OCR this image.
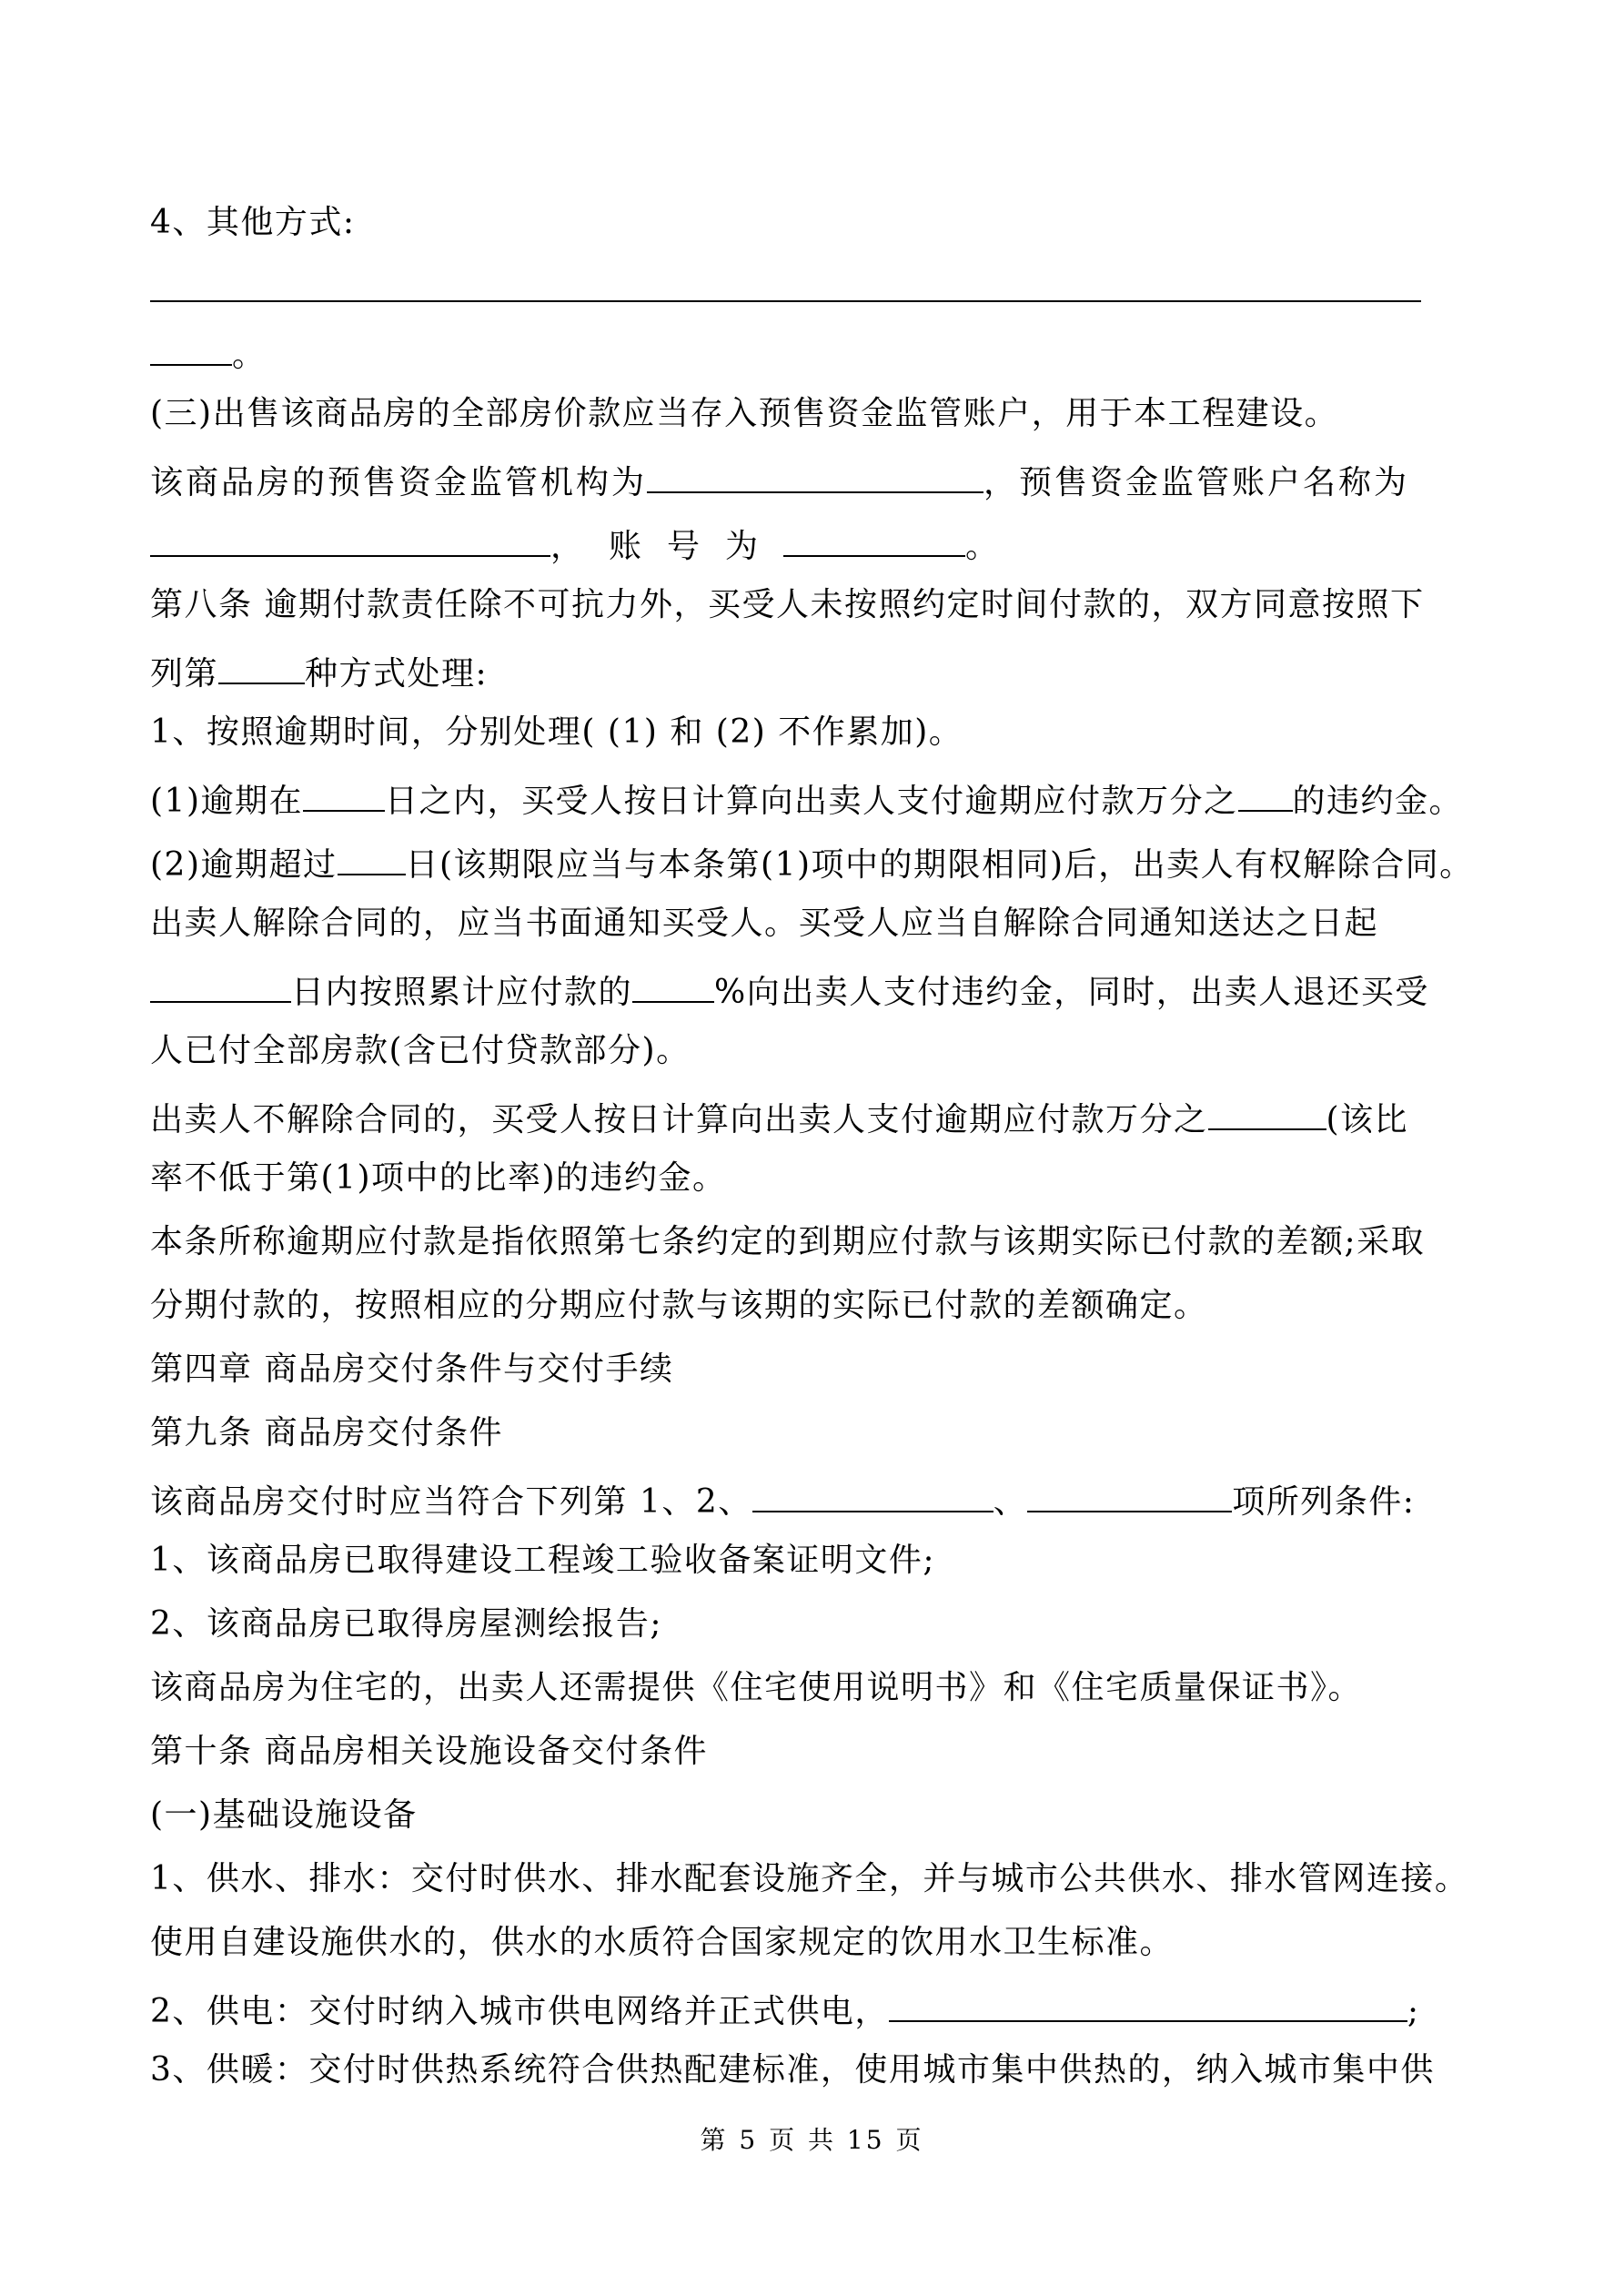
4、其他方式:
。
(三)出售该商品房的全部房价款应当存入预售资金监管账户，用于本工程建设。
该商品房的预售资金监管机构为	，预售资金监管账户名称为
，账号为	。
第八条 逾期付款责任除不可抗力外，买受人未按照约定时间付款的，双方同意按照下
列第	种方式处理:
1、按照逾期时间，分别处理( (1) 和 (2) 不作累加)。
(1)逾期在	日之内，买受人按日计算向出卖人支付逾期应付款万分之 的违约金。
(2)逾期超过 日(该期限应当与本条第(1)项中的期限相同)后，出卖人有权解除合同。
出卖人解除合同的，应当书面通知买受人。买受人应当自解除合同通知送达之日起
日内按照累计应付款的	%向出卖人支付违约金，同时，出卖人退还买受
人已付全部房款(含已付贷款部分)。
出卖人不解除合同的，买受人按日计算向出卖人支付逾期应付款万分之	(该比
率不低于第(1)项中的比率)的违约金。
本条所称逾期应付款是指依照第七条约定的到期应付款与该期实际已付款的差额;采取
分期付款的，按照相应的分期应付款与该期的实际已付款的差额确定。
第四章 商品房交付条件与交付手续
第九条 商品房交付条件
该商品房交付时应当符合下列第 1、2、	、	项所列条件:
1、该商品房已取得建设工程竣工验收备案证明文件;
2、该商品房已取得房屋测绘报告;
该商品房为住宅的，出卖人还需提供《住宅使用说明书》和《住宅质量保证书》。
第十条 商品房相关设施设备交付条件
(一)基础设施设备
1、供水、排水：交付时供水、排水配套设施齐全，并与城市公共供水、排水管网连接。
使用自建设施供水的，供水的水质符合国家规定的饮用水卫生标准。
2、供电：交付时纳入城市供电网络并正式供电，	;
3、供暖：交付时供热系统符合供热配建标准，使用城市集中供热的，纳入城市集中供
第 5 页 共 15 页
